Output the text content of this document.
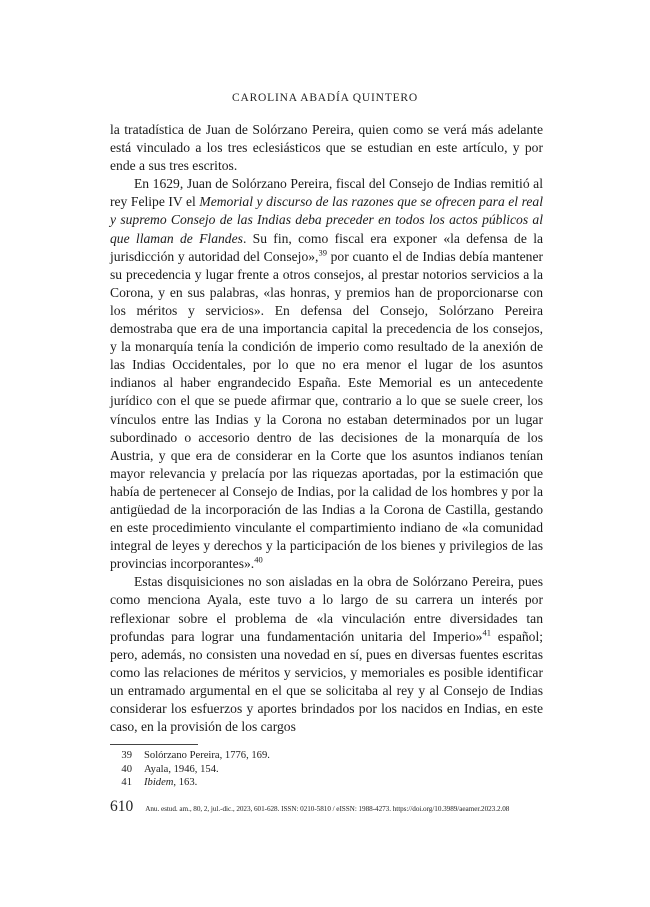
CAROLINA ABADÍA QUINTERO

la tratadística de Juan de Solórzano Pereira, quien como se verá más adelante está vinculado a los tres eclesiásticos que se estudian en este artículo, y por ende a sus tres escritos.

En 1629, Juan de Solórzano Pereira, fiscal del Consejo de Indias remitió al rey Felipe IV el Memorial y discurso de las razones que se ofrecen para el real y supremo Consejo de las Indias deba preceder en todos los actos públicos al que llaman de Flandes. Su fin, como fiscal era exponer «la defensa de la jurisdicción y autoridad del Consejo»,$^{39}$ por cuanto el de Indias debía mantener su precedencia y lugar frente a otros consejos, al prestar notorios servicios a la Corona, y en sus palabras, «las honras, y premios han de proporcionarse con los méritos y servicios». En defensa del Consejo, Solórzano Pereira demostraba que era de una importancia capital la precedencia de los consejos, y la monarquía tenía la condición de imperio como resultado de la anexión de las Indias Occidentales, por lo que no era menor el lugar de los asuntos indianos al haber engrandecido España. Este Memorial es un antecedente jurídico con el que se puede afirmar que, contrario a lo que se suele creer, los vínculos entre las Indias y la Corona no estaban determinados por un lugar subordinado o accesorio dentro de las decisiones de la monarquía de los Austria, y que era de considerar en la Corte que los asuntos indianos tenían mayor relevancia y prelacía por las riquezas aportadas, por la estimación que había de pertenecer al Consejo de Indias, por la calidad de los hombres y por la antigüedad de la incorporación de las Indias a la Corona de Castilla, gestando en este procedimiento vinculante el compartimiento indiano de «la comunidad integral de leyes y derechos y la participación de los bienes y privilegios de las provincias incorporantes».$^{40}$

Estas disquisiciones no son aisladas en la obra de Solórzano Pereira, pues como menciona Ayala, este tuvo a lo largo de su carrera un interés por reflexionar sobre el problema de «la vinculación entre diversidades tan profundas para lograr una fundamentación unitaria del Imperio»$^{41}$ español; pero, además, no consisten una novedad en sí, pues en diversas fuentes escritas como las relaciones de méritos y servicios, y memoriales es posible identificar un entramado argumental en el que se solicitaba al rey y al Consejo de Indias considerar los esfuerzos y aportes brindados por los nacidos en Indias, en este caso, en la provisión de los cargos

39	Solórzano Pereira, 1776, 169.
40	Ayala, 1946, 154.
41	Ibidem, 163.
610 Anu. estud. am., 80, 2, jul.-dic., 2023, 601-628. ISSN: 0210-5810 / eISSN: 1988-4273. https://doi.org/10.3989/aeamer.2023.2.08
